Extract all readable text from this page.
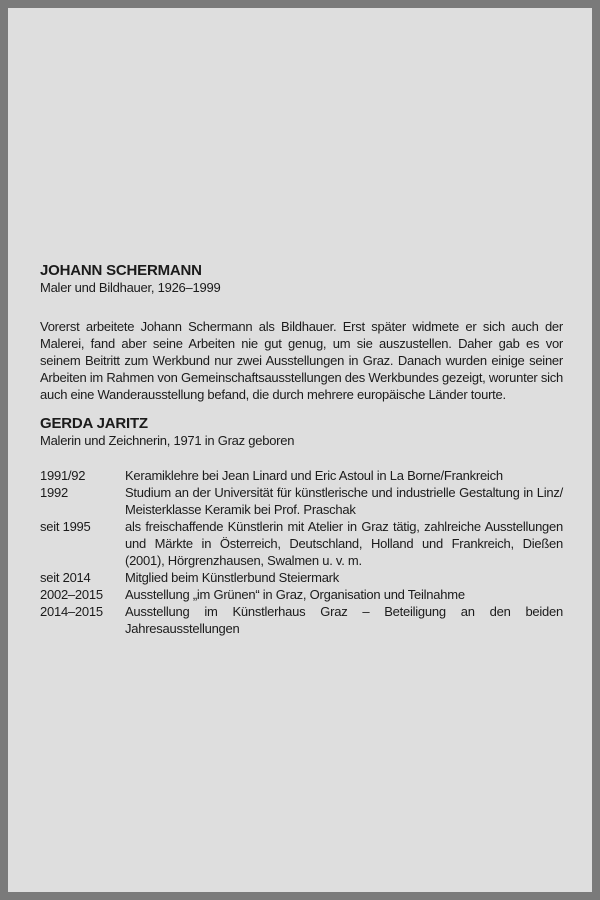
JOHANN SCHERMANN
Maler und Bildhauer, 1926–1999

Vorerst arbeitete Johann Schermann als Bildhauer. Erst später widmete er sich auch der Malerei, fand aber seine Arbeiten nie gut genug, um sie auszustellen. Daher gab es vor seinem Beitritt zum Werkbund nur zwei Ausstellungen in Graz. Danach wurden einige seiner Arbeiten im Rahmen von Gemeinschaftsausstellungen des Werkbundes gezeigt, worunter sich auch eine Wanderausstellung befand, die durch mehrere europäische Länder tourte.

GERDA JARITZ
Malerin und Zeichnerin, 1971 in Graz geboren
1991/92	Keramiklehre bei Jean Linard und Eric Astoul in La Borne/Frankreich
1992	Studium an der Universität für künstlerische und industrielle Gestaltung in Linz/ Meisterklasse Keramik bei Prof. Praschak
seit 1995	als freischaffende Künstlerin mit Atelier in Graz tätig, zahlreiche Ausstellungen und Märkte in Österreich, Deutschland, Holland und Frankreich, Dießen (2001), Hörgrenzhausen, Swalmen u. v. m.
seit 2014	Mitglied beim Künstlerbund Steiermark
2002–2015	Ausstellung „im Grünen“ in Graz, Organisation und Teilnahme
2014–2015	Ausstellung im Künstlerhaus Graz – Beteiligung an den beiden Jahresausstellungen
